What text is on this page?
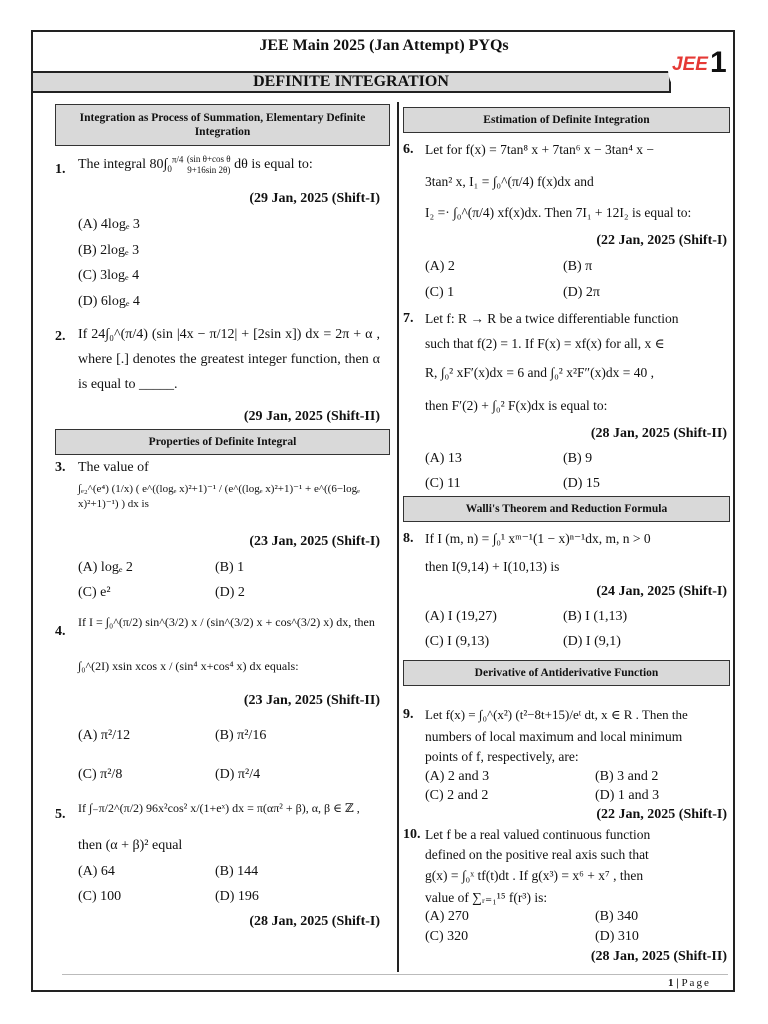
JEE Main 2025 (Jan Attempt) PYQs
DEFINITE INTEGRATION
JEE 1
Integration as Process of Summation, Elementary Definite Integration
1. The integral $80\int_0^{\pi/4}$ (sin θ+cos θ
9+16sin 2θ) dθ is equal to:
(29 Jan, 2025 (Shift-I)
(A) 4logₑ 3
(B) 2logₑ 3
(C) 3logₑ 4
(D) 6logₑ 4
2. If 24∫₀^(π/4) (sin |4x − π/12| + [2sin x]) dx = 2π + α , where [.] denotes the greatest integer function, then α is equal to _____.
(29 Jan, 2025 (Shift-II)
Properties of Definite Integral
3. The value of
∫ₑ₂^(e⁴) (1/x) ( e^((logₑ x)²+1)⁻¹ / (e^((logₑ x)²+1)⁻¹ + e^((6−logₑ x)²+1)⁻¹) ) dx is
(23 Jan, 2025 (Shift-I)
(A) logₑ 2	(B) 1
(C) e²	(D) 2
4.
If I = ∫₀^(π/2) sin^(3/2) x / (sin^(3/2) x + cos^(3/2) x) dx, then
∫₀^(2I) xsin xcos x / (sin⁴ x+cos⁴ x) dx equals:
(23 Jan, 2025 (Shift-II)
(A) π²/12	(B) π²/16
(C) π²/8	(D) π²/4
5. If ∫₋π/2^(π/2) 96x²cos² x/(1+eˣ) dx = π(απ² + β), α, β ∈ ℤ ,
then (α + β)² equal
(A) 64	(B) 144
(C) 100	(D) 196
(28 Jan, 2025 (Shift-I)
Estimation of Definite Integration
6. Let for f(x) = 7tan⁸ x + 7tan⁶ x − 3tan⁴ x −
3tan² x, I₁ = ∫₀^(π/4) f(x)dx and
I₂ =· ∫₀^(π/4) xf(x)dx. Then 7I₁ + 12I₂ is equal to:
(22 Jan, 2025 (Shift-I)
(A) 2	(B) π
(C) 1	(D) 2π
7. Let f: R → R be a twice differentiable function
such that f(2) = 1. If F(x) = xf(x) for all, x ∈
R, ∫₀² xF′(x)dx = 6 and ∫₀² x²F″(x)dx = 40 ,
then F′(2) + ∫₀² F(x)dx is equal to:
(28 Jan, 2025 (Shift-II)
(A) 13	(B) 9
(C) 11	(D) 15
Walli's Theorem and Reduction Formula
8. If I (m, n) = ∫₀¹ xᵐ⁻¹(1 − x)ⁿ⁻¹dx, m, n > 0
then I(9,14) + I(10,13) is
(24 Jan, 2025 (Shift-I)
(A) I (19,27)	(B) I (1,13)
(C) I (9,13)	(D) I (9,1)
Derivative of Antiderivative Function
9. Let f(x) = ∫₀^(x²) (t²−8t+15)/eᵗ dt, x ∈ R . Then the
numbers of local maximum and local minimum
points of f, respectively, are:
(A) 2 and 3	(B) 3 and 2
(C) 2 and 2	(D) 1 and 3
(22 Jan, 2025 (Shift-I)
10. Let f be a real valued continuous function
defined on the positive real axis such that
g(x) = ∫₀ˣ tf(t)dt . If g(x³) = x⁶ + x⁷ , then
value of ∑ᵣ₌₁¹⁵ f(r³) is:
(A) 270	(B) 340
(C) 320	(D) 310
(28 Jan, 2025 (Shift-II)
1 | Page
